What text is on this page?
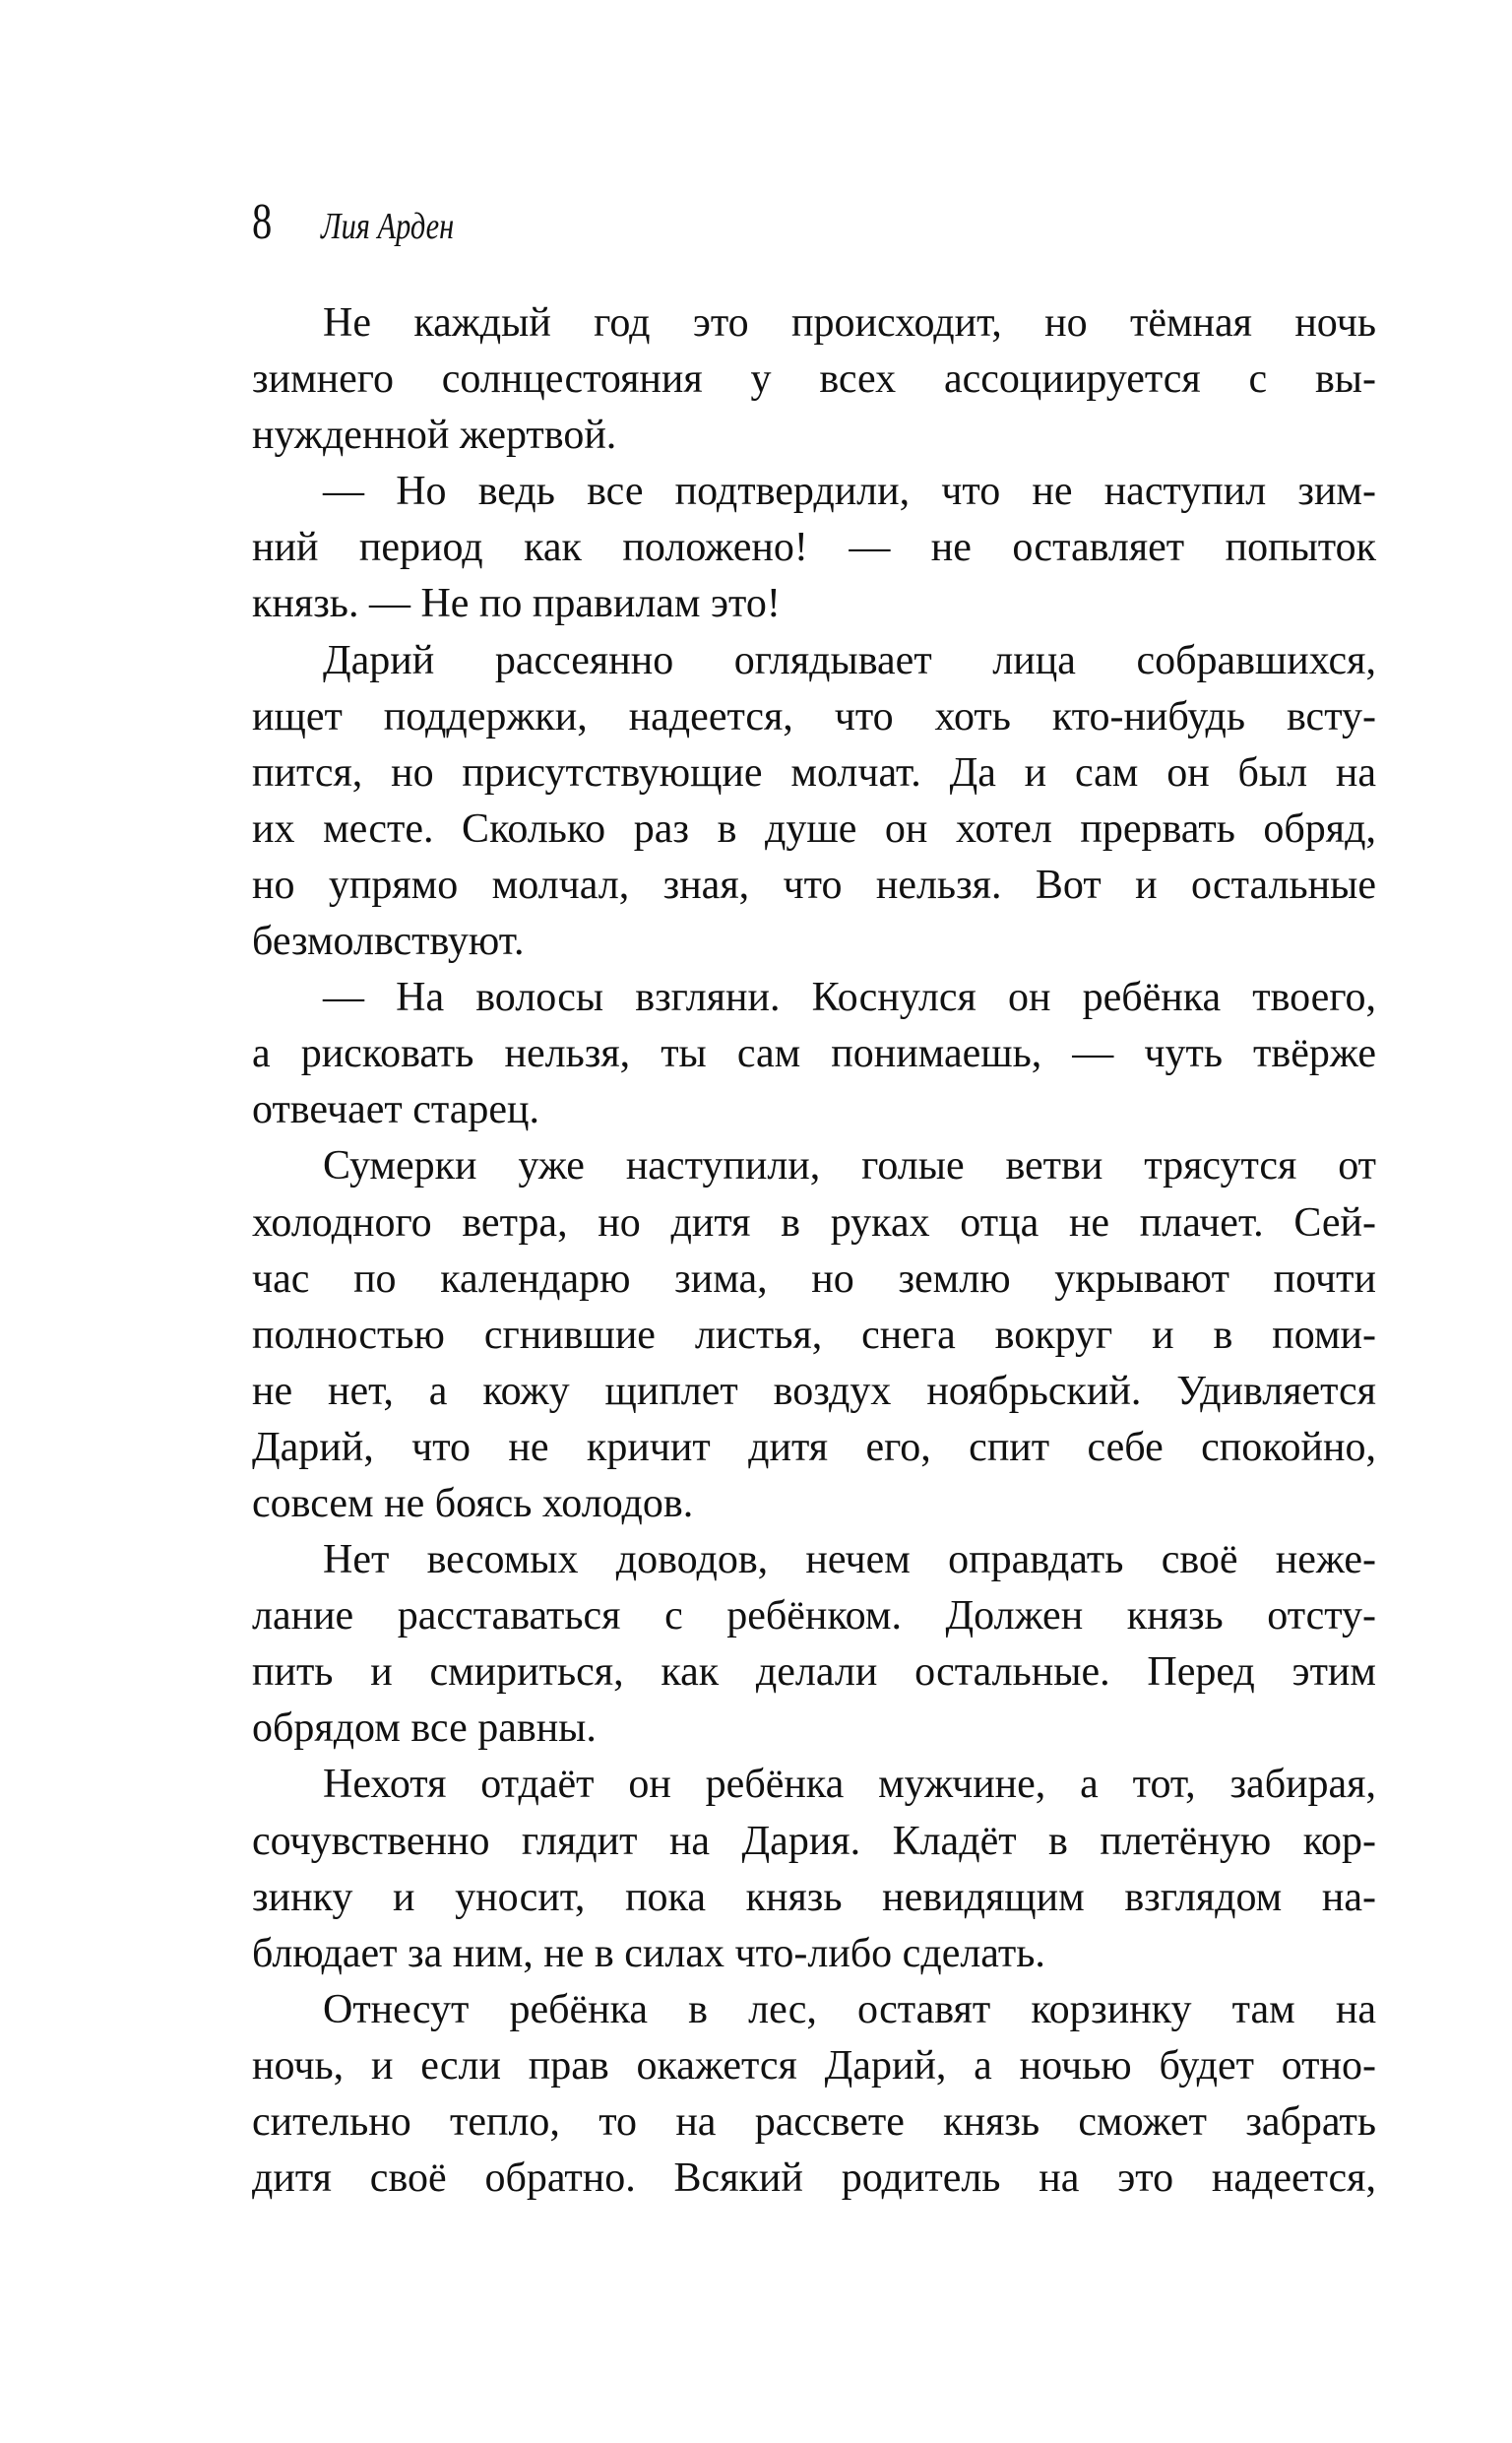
8 Лия Арден
Не каждый год это происходит, но тёмная ночь
зимнего солнцестояния у всех ассоциируется с вы-
нужденной жертвой.
— Но ведь все подтвердили, что не наступил зим-
ний период как положено! — не оставляет попыток
князь. — Не по правилам это!
Дарий рассеянно оглядывает лица собравшихся,
ищет поддержки, надеется, что хоть кто-нибудь всту-
пится, но присутствующие молчат. Да и сам он был на
их месте. Сколько раз в душе он хотел прервать обряд,
но упрямо молчал, зная, что нельзя. Вот и остальные
безмолвствуют.
— На волосы взгляни. Коснулся он ребёнка твоего,
а рисковать нельзя, ты сам понимаешь, — чуть твёрже
отвечает старец.
Сумерки уже наступили, голые ветви трясутся от
холодного ветра, но дитя в руках отца не плачет. Сей-
час по календарю зима, но землю укрывают почти
полностью сгнившие листья, снега вокруг и в поми-
не нет, а кожу щиплет воздух ноябрьский. Удивляется
Дарий, что не кричит дитя его, спит себе спокойно,
совсем не боясь холодов.
Нет весомых доводов, нечем оправдать своё неже-
лание расставаться с ребёнком. Должен князь отсту-
пить и смириться, как делали остальные. Перед этим
обрядом все равны.
Нехотя отдаёт он ребёнка мужчине, а тот, забирая,
сочувственно глядит на Дария. Кладёт в плетёную кор-
зинку и уносит, пока князь невидящим взглядом на-
блюдает за ним, не в силах что-либо сделать.
Отнесут ребёнка в лес, оставят корзинку там на
ночь, и если прав окажется Дарий, а ночью будет отно-
сительно тепло, то на рассвете князь сможет забрать
дитя своё обратно. Всякий родитель на это надеется,
